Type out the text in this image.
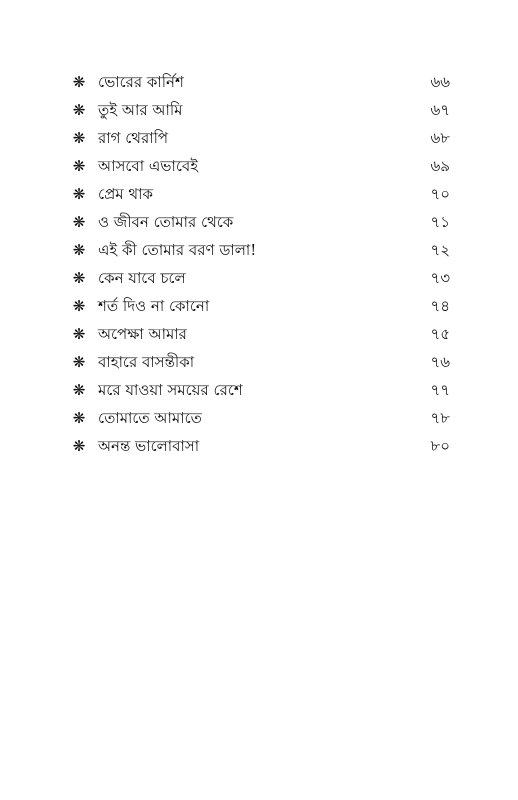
❋ ভোরের কার্নিশ	৬৬
❋ তুই আর আমি	৬৭
❋ রাগ থেরাপি	৬৮
❋ আসবো এভাবেই	৬৯
❋ প্রেম থাক	৭০
❋ ও জীবন তোমার থেকে	৭১
❋ এই কী তোমার বরণ ডালা!	৭২
❋ কেন যাবে চলে	৭৩
❋ শর্ত দিও না কোনো	৭৪
❋ অপেক্ষা আমার	৭৫
❋ বাহারে বাসন্তীকা	৭৬
❋ মরে যাওয়া সময়ের রেশে	৭৭
❋ তোমাতে আমাতে	৭৮
❋ অনন্ত ভালোবাসা	৮০
